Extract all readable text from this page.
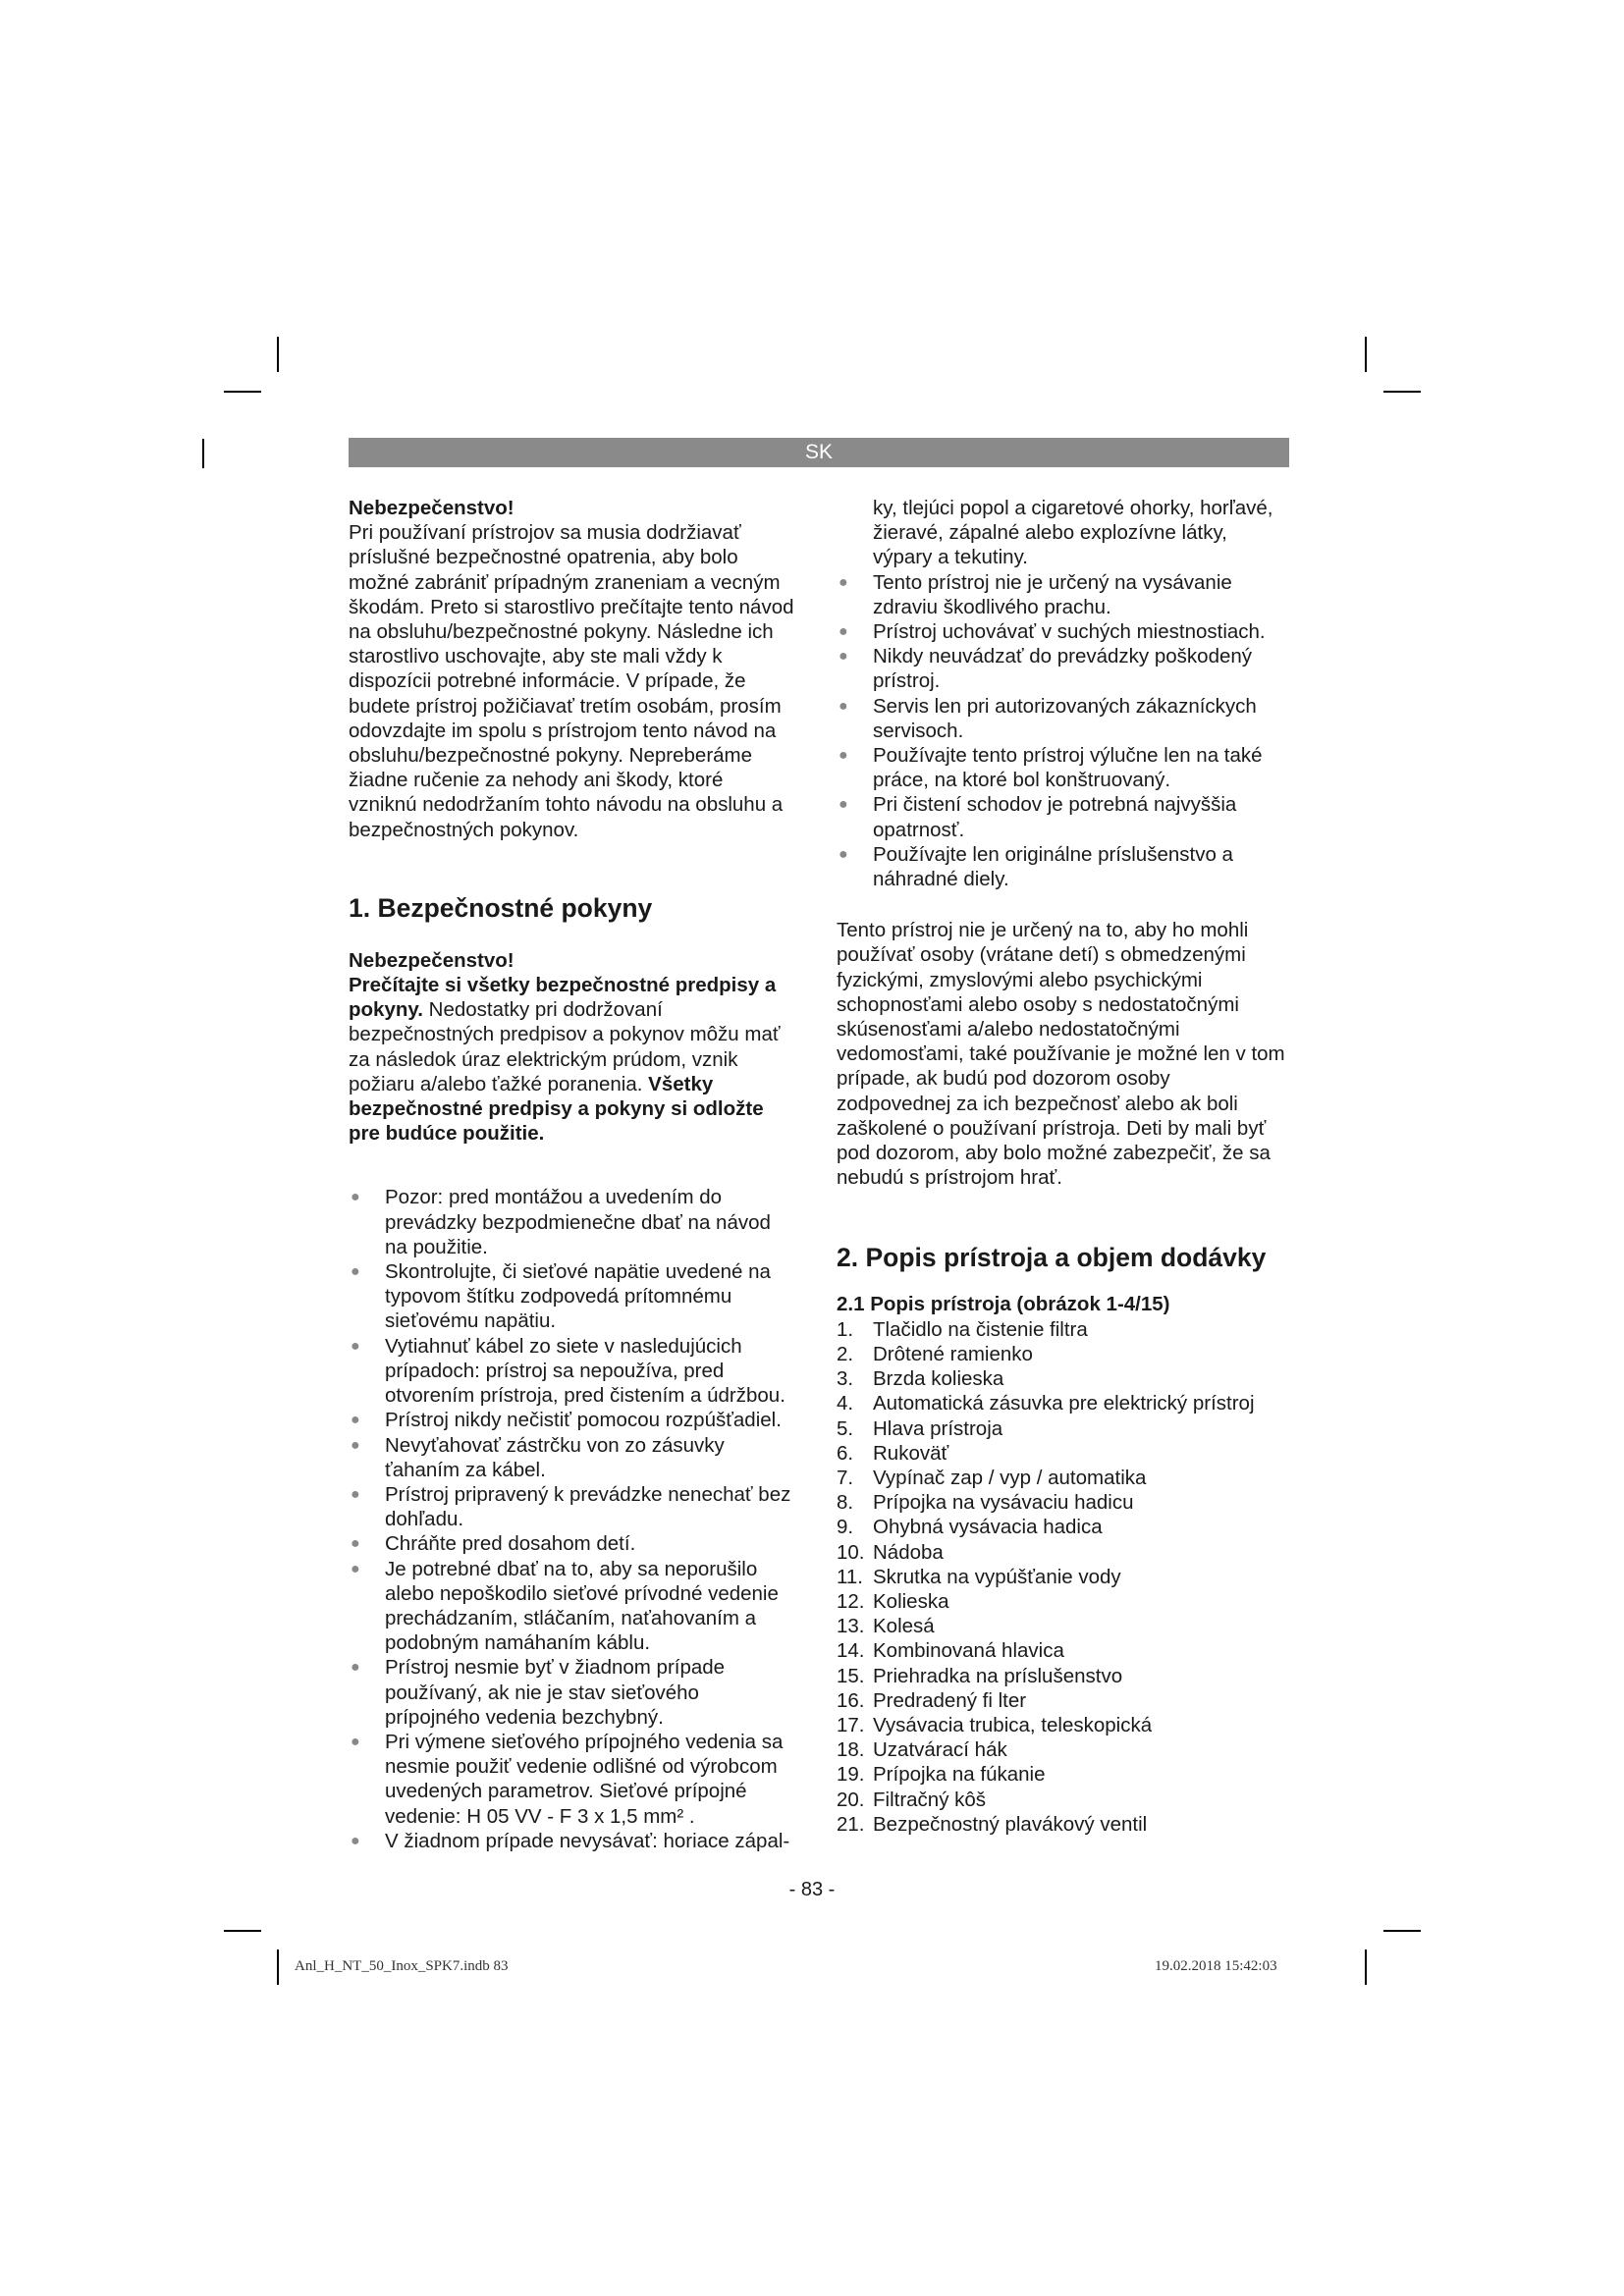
SK

Nebezpečenstvo!

Pri používaní prístrojov sa musia dodržiavať príslušné bezpečnostné opatrenia, aby bolo možné zabrániť prípadným zraneniam a vecným škodám. Preto si starostlivo prečítajte tento návod na obsluhu/bezpečnostné pokyny. Následne ich starostlivo uschovajte, aby ste mali vždy k dispozícii potrebné informácie. V prípade, že budete prístroj požičiavať tretím osobám, prosím odovzdajte im spolu s prístrojom tento návod na obsluhu/bezpečnostné pokyny. Nepreberáme žiadne ručenie za nehody ani škody, ktoré vzniknú nedodržaním tohto návodu na obsluhu a bezpečnostných pokynov.

1. Bezpečnostné pokyny

Nebezpečenstvo!

Prečítajte si všetky bezpečnostné predpisy a pokyny. Nedostatky pri dodržovaní bezpečnostných predpisov a pokynov môžu mať za následok úraz elektrickým prúdom, vznik požiaru a/alebo ťažké poranenia. Všetky bezpečnostné predpisy a pokyny si odložte pre budúce použitie.

● Pozor: pred montážou a uvedením do prevádzky bezpodmienečne dbať na návod na použitie.
● Skontrolujte, či sieťové napätie uvedené na typovom štítku zodpovedá prítomnému sieťovému napätiu.
● Vytiahnuť kábel zo siete v nasledujúcich prípadoch: prístroj sa nepoužíva, pred otvorením prístroja, pred čistením a údržbou.
● Prístroj nikdy nečistiť pomocou rozpúšťadiel.
● Nevyťahovať zástrčku von zo zásuvky ťahaním za kábel.
● Prístroj pripravený k prevádzke nenechať bez dohľadu.
● Chráňte pred dosahom detí.
● Je potrebné dbať na to, aby sa neporušilo alebo nepoškodilo sieťové prívodné vedenie prechádzaním, stláčaním, naťahovaním a podobným namáhaním káblu.
● Prístroj nesmie byť v žiadnom prípade používaný, ak nie je stav sieťového prípojného vedenia bezchybný.
● Pri výmene sieťového prípojného vedenia sa nesmie použiť vedenie odlišné od výrobcom uvedených parametrov. Sieťové prípojné vedenie: H 05 VV - F 3 x 1,5 mm² .
● V žiadnom prípade nevysávať: horiace zápal-

ky, tlejúci popol a cigaretové ohorky, horľavé, žieravé, zápalné alebo explozívne látky, výpary a tekutiny.

● Tento prístroj nie je určený na vysávanie zdraviu škodlivého prachu.
● Prístroj uchovávať v suchých miestnostiach.
● Nikdy neuvádzať do prevádzky poškodený prístroj.
● Servis len pri autorizovaných zákazníckych servisoch.
● Používajte tento prístroj výlučne len na také práce, na ktoré bol konštruovaný.
● Pri čistení schodov je potrebná najvyššia opatrnosť.
● Používajte len originálne príslušenstvo a náhradné diely.

Tento prístroj nie je určený na to, aby ho mohli používať osoby (vrátane detí) s obmedzenými fyzickými, zmyslovými alebo psychickými schopnosťami alebo osoby s nedostatočnými skúsenosťami a/alebo nedostatočnými vedomosťami, také používanie je možné len v tom prípade, ak budú pod dozorom osoby zodpovednej za ich bezpečnosť alebo ak boli zaškolené o používaní prístroja. Deti by mali byť pod dozorom, aby bolo možné zabezpečiť, že sa nebudú s prístrojom hrať.

2. Popis prístroja a objem dodávky

2.1 Popis prístroja (obrázok 1-4/15)

1. Tlačidlo na čistenie filtra
2. Drôtené ramienko
3. Brzda kolieska
4. Automatická zásuvka pre elektrický prístroj
5. Hlava prístroja
6. Rukoväť
7. Vypínač zap / vyp / automatika
8. Prípojka na vysávaciu hadicu
9. Ohybná vysávacia hadica
10. Nádoba
11. Skrutka na vypúšťanie vody
12. Kolieska
13. Kolesá
14. Kombinovaná hlavica
15. Priehradka na príslušenstvo
16. Predradený fi lter
17. Vysávacia trubica, teleskopická
18. Uzatvárací hák
19. Prípojka na fúkanie
20. Filtračný kôš
21. Bezpečnostný plavákový ventil
- 83 -
Anl_H_NT_50_Inox_SPK7.indb 83	19.02.2018 15:42:03
